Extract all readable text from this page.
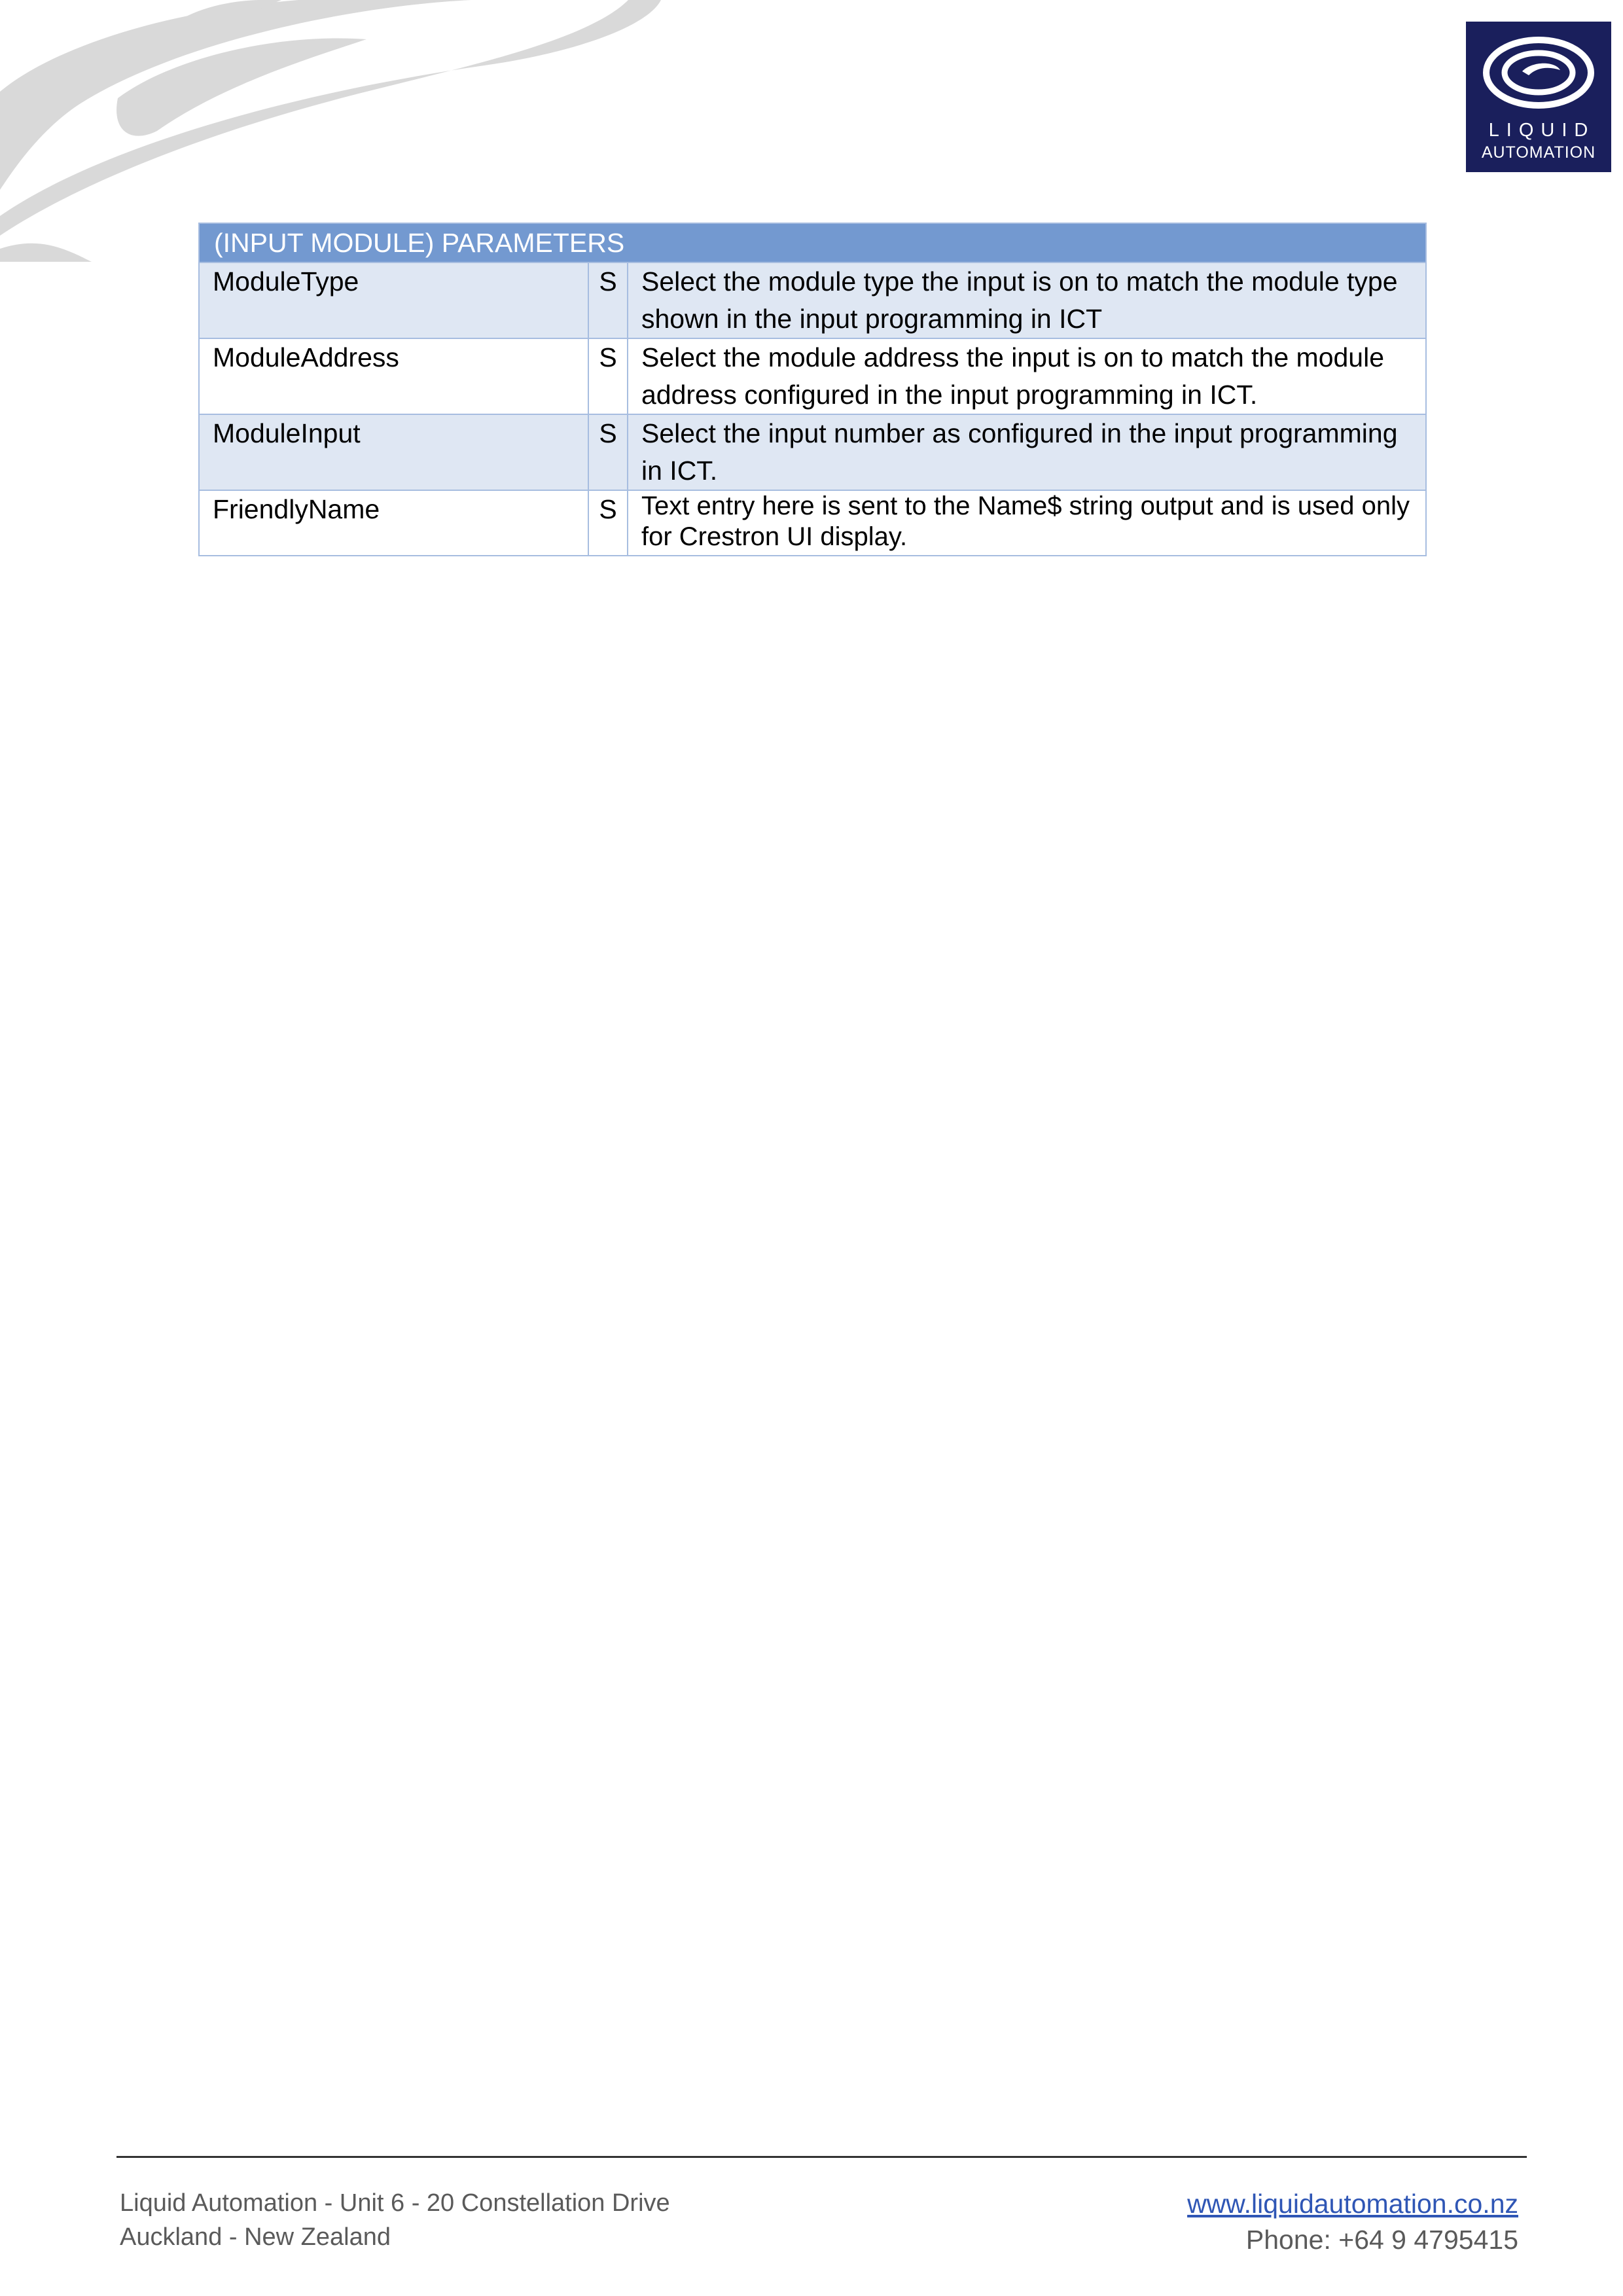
LIQUID
AUTOMATION
(INPUT MODULE) PARAMETERS		
ModuleType	S	Select the module type the input is on to match the module type shown in the input programming in ICT
ModuleAddress	S	Select the module address the input is on to match the module address configured in the input programming in ICT.
ModuleInput	S	Select the input number as configured in the input programming in ICT.
FriendlyName	S	Text entry here is sent to the Name$ string output and is used only for Crestron UI display.
Liquid Automation - Unit 6 - 20 Constellation Drive
Auckland - New Zealand
www.liquidautomation.co.nz
Phone: +64 9 4795415
